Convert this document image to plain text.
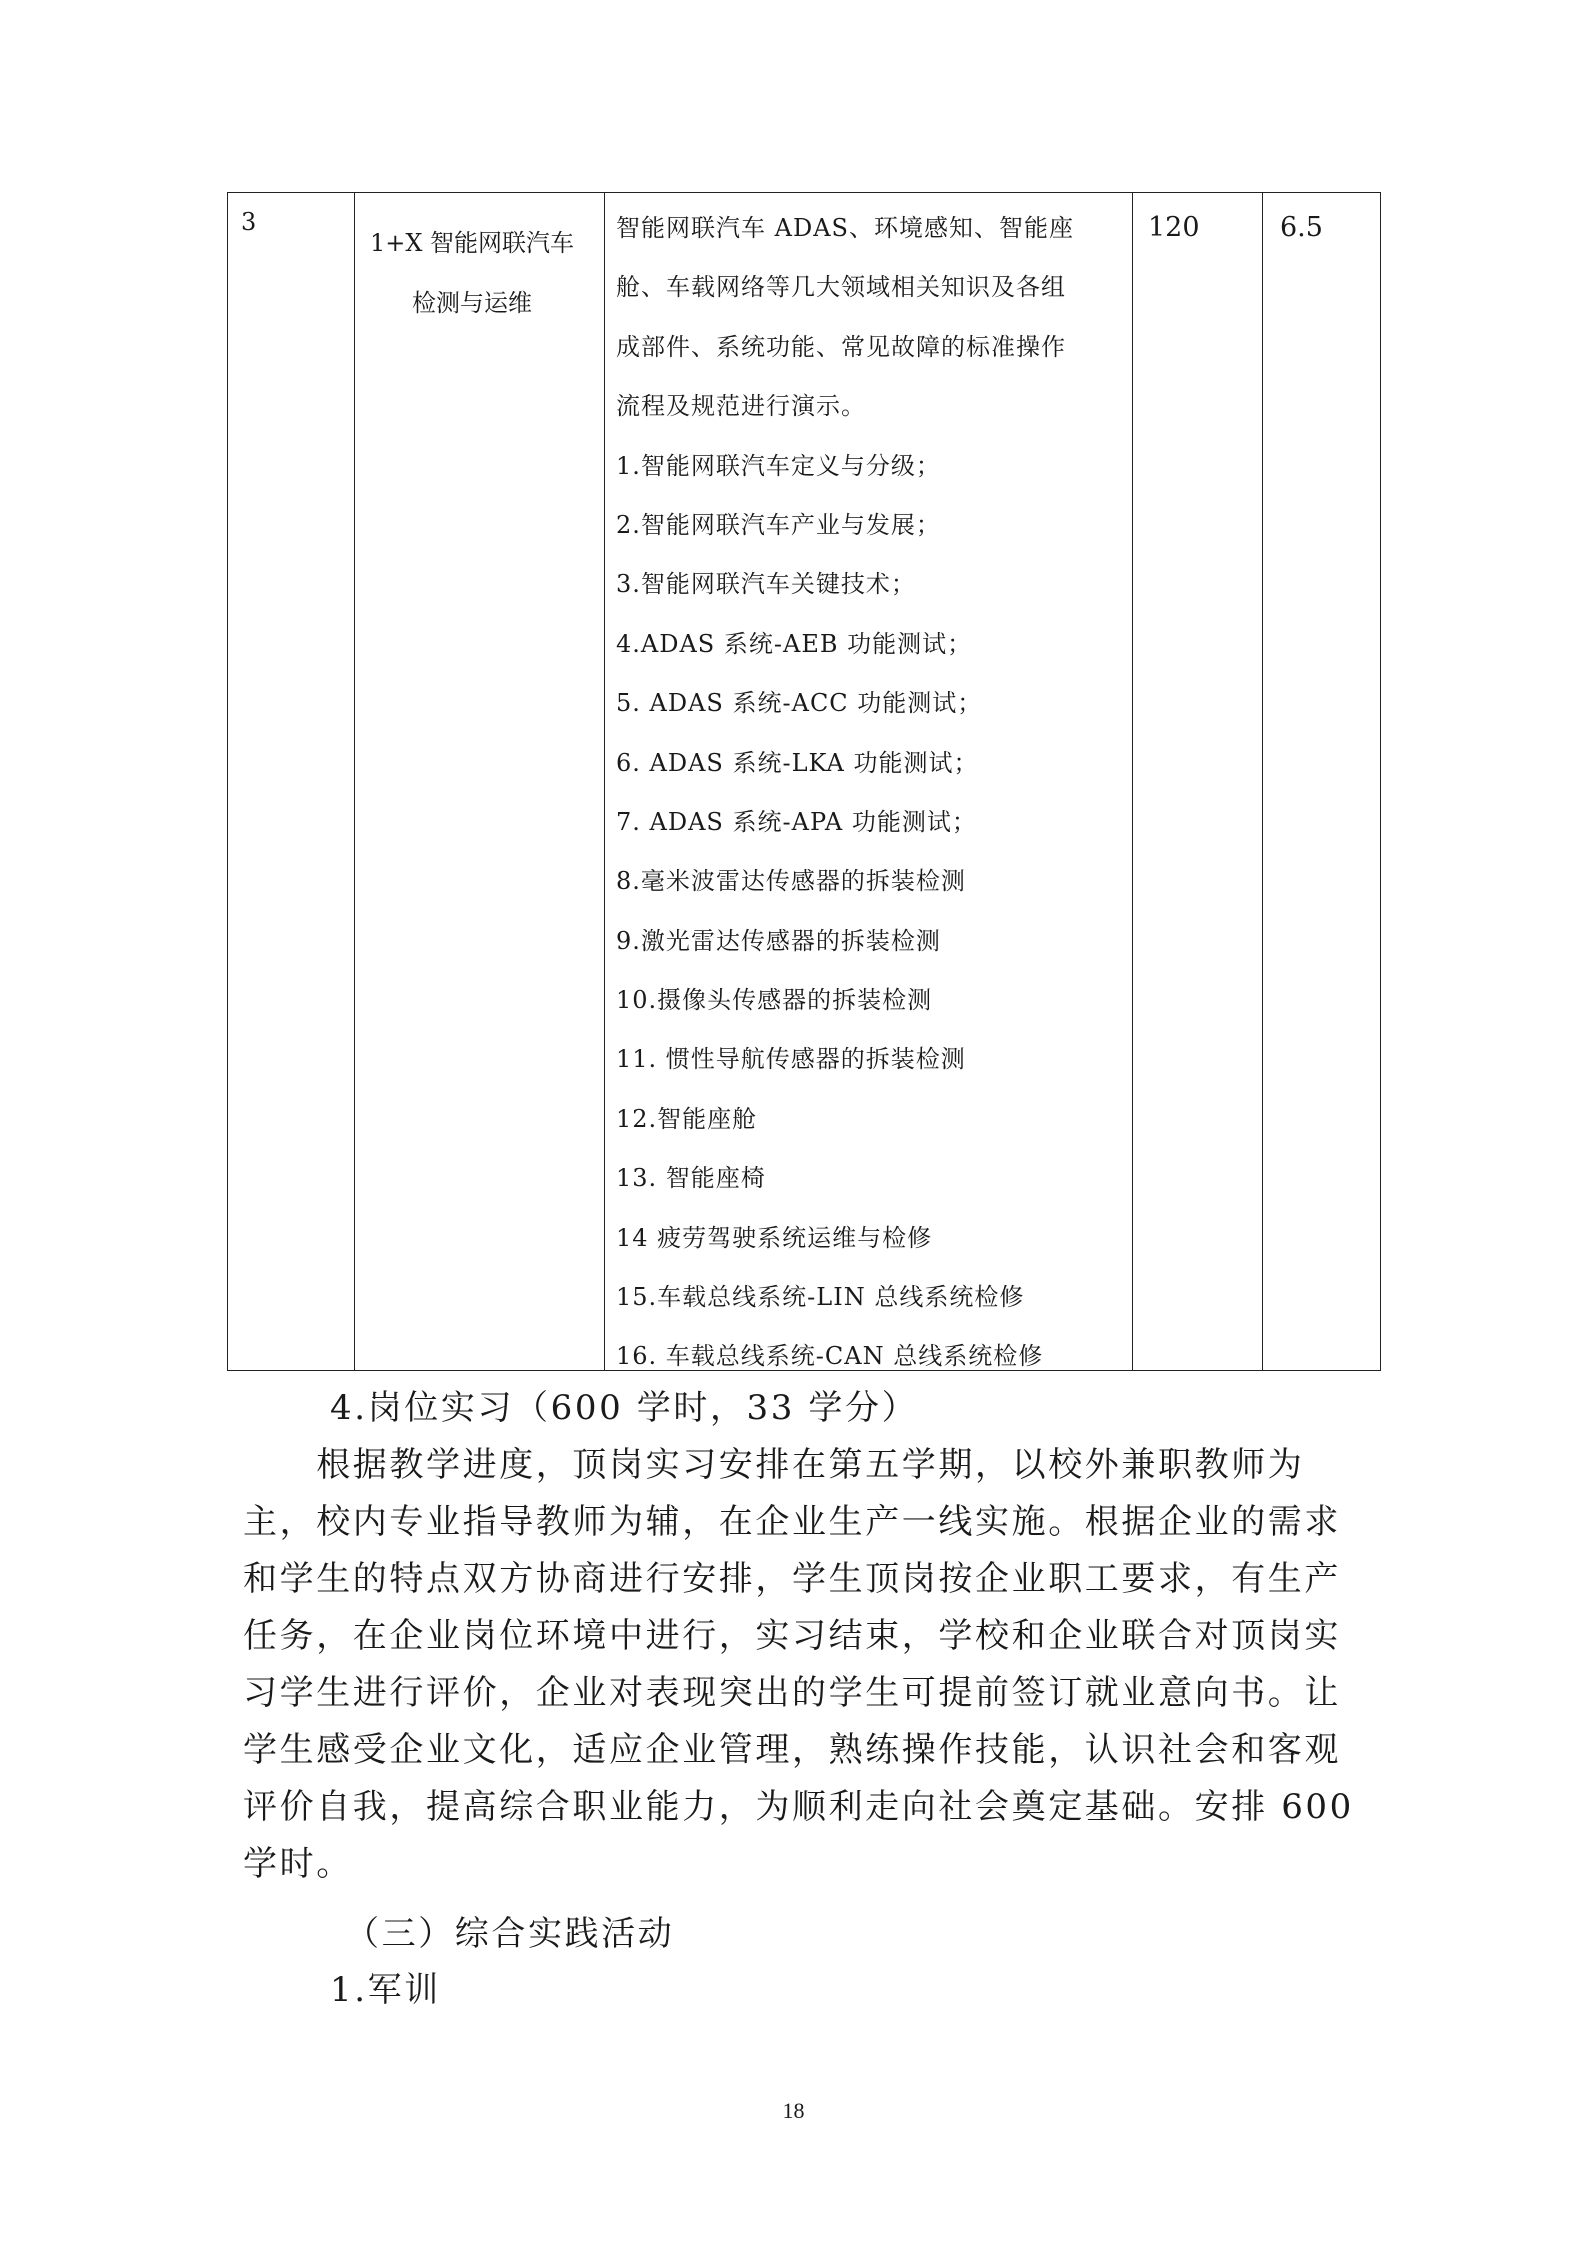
3
1+X 智能网联汽车
检测与运维
智能网联汽车 ADAS、环境感知、智能座
舱、车载网络等几大领域相关知识及各组
成部件、系统功能、常见故障的标准操作
流程及规范进行演示。
1.智能网联汽车定义与分级；
2.智能网联汽车产业与发展；
3.智能网联汽车关键技术；
4.ADAS 系统-AEB 功能测试；
5. ADAS 系统-ACC 功能测试；
6. ADAS 系统-LKA 功能测试；
7. ADAS 系统-APA 功能测试；
8.毫米波雷达传感器的拆装检测
9.激光雷达传感器的拆装检测
10.摄像头传感器的拆装检测
11. 惯性导航传感器的拆装检测
12.智能座舱
13. 智能座椅
14 疲劳驾驶系统运维与检修
15.车载总线系统-LIN 总线系统检修
16. 车载总线系统-CAN 总线系统检修
120	6.5
4.岗位实习（600 学时，33 学分）
　　根据教学进度，顶岗实习安排在第五学期，以校外兼职教师为
主，校内专业指导教师为辅，在企业生产一线实施。根据企业的需求
和学生的特点双方协商进行安排，学生顶岗按企业职工要求，有生产
任务，在企业岗位环境中进行，实习结束，学校和企业联合对顶岗实
习学生进行评价，企业对表现突出的学生可提前签订就业意向书。让
学生感受企业文化，适应企业管理，熟练操作技能，认识社会和客观
评价自我，提高综合职业能力，为顺利走向社会奠定基础。安排 600
学时。
（三）综合实践活动
1.军训
18
